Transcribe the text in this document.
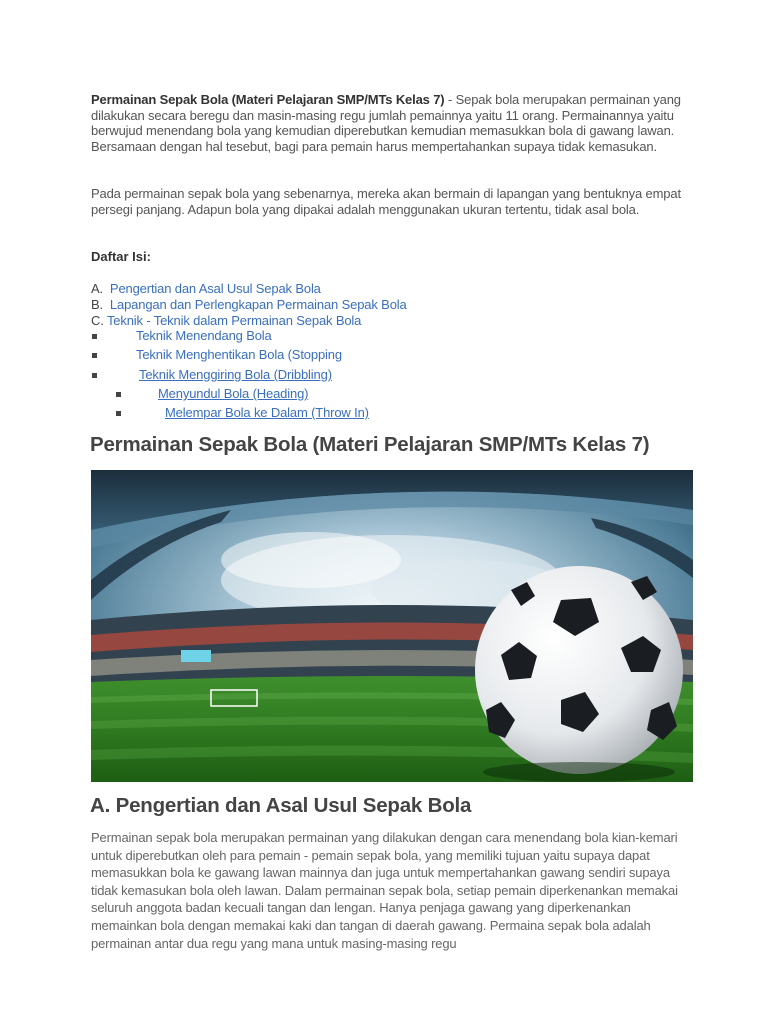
Permainan Sepak Bola (Materi Pelajaran SMP/MTs Kelas 7) - Sepak bola merupakan permainan yang dilakukan secara beregu dan masin-masing regu jumlah pemainnya yaitu 11 orang. Permainannya yaitu berwujud menendang bola yang kemudian diperebutkan kemudian memasukkan bola di gawang lawan. Bersamaan dengan hal tesebut, bagi para pemain harus mempertahankan supaya tidak kemasukan.

Pada permainan sepak bola yang sebenarnya, mereka akan bermain di lapangan yang bentuknya empat persegi panjang. Adapun bola yang dipakai adalah menggunakan ukuran tertentu, tidak asal bola.

Daftar Isi:

A. Pengertian dan Asal Usul Sepak Bola
B. Lapangan dan Perlengkapan Permainan Sepak Bola
C. Teknik - Teknik dalam Permainan Sepak Bola
Teknik Menendang Bola
Teknik Menghentikan Bola (Stopping
Teknik Menggiring Bola (Dribbling)
Menyundul Bola (Heading)
Melempar Bola ke Dalam (Throw In)
Permainan Sepak Bola (Materi Pelajaran SMP/MTs Kelas 7)
A. Pengertian dan Asal Usul Sepak Bola

Permainan sepak bola merupakan permainan yang dilakukan dengan cara menendang bola kian-kemari untuk diperebutkan oleh para pemain - pemain sepak bola, yang memiliki tujuan yaitu supaya dapat memasukkan bola ke gawang lawan mainnya dan juga untuk mempertahankan gawang sendiri supaya tidak kemasukan bola oleh lawan. Dalam permainan sepak bola, setiap pemain diperkenankan memakai seluruh anggota badan kecuali tangan dan lengan. Hanya penjaga gawang yang diperkenankan memainkan bola dengan memakai kaki dan tangan di daerah gawang. Permaina sepak bola adalah permainan antar dua regu yang mana untuk masing-masing regu
